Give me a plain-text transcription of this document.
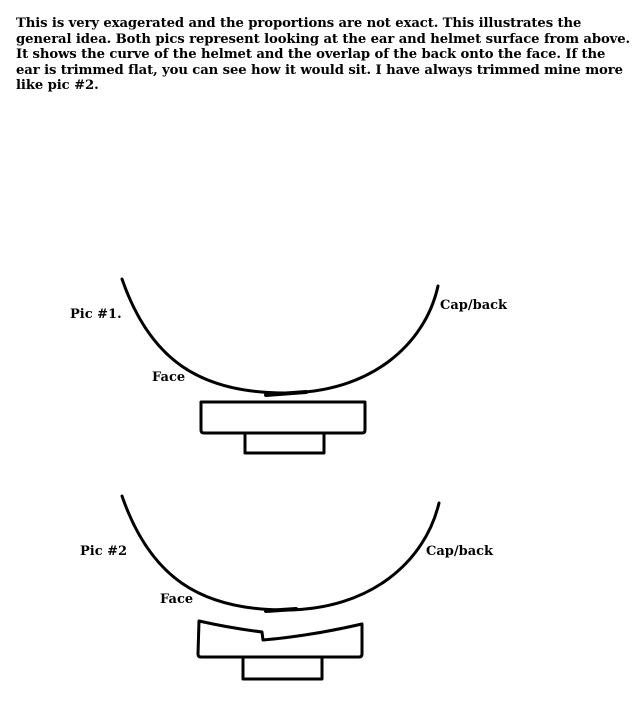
This is very exagerated and the proportions are not exact. This illustrates the
general idea. Both pics represent looking at the ear and helmet surface from above.
It shows the curve of the helmet and the overlap of the back onto the face. If the
ear is trimmed flat, you can see how it would sit. I have always trimmed mine more
like pic #2.
Pic #1.
Cap/back
Face
Pic #2	Cap/back
Face
